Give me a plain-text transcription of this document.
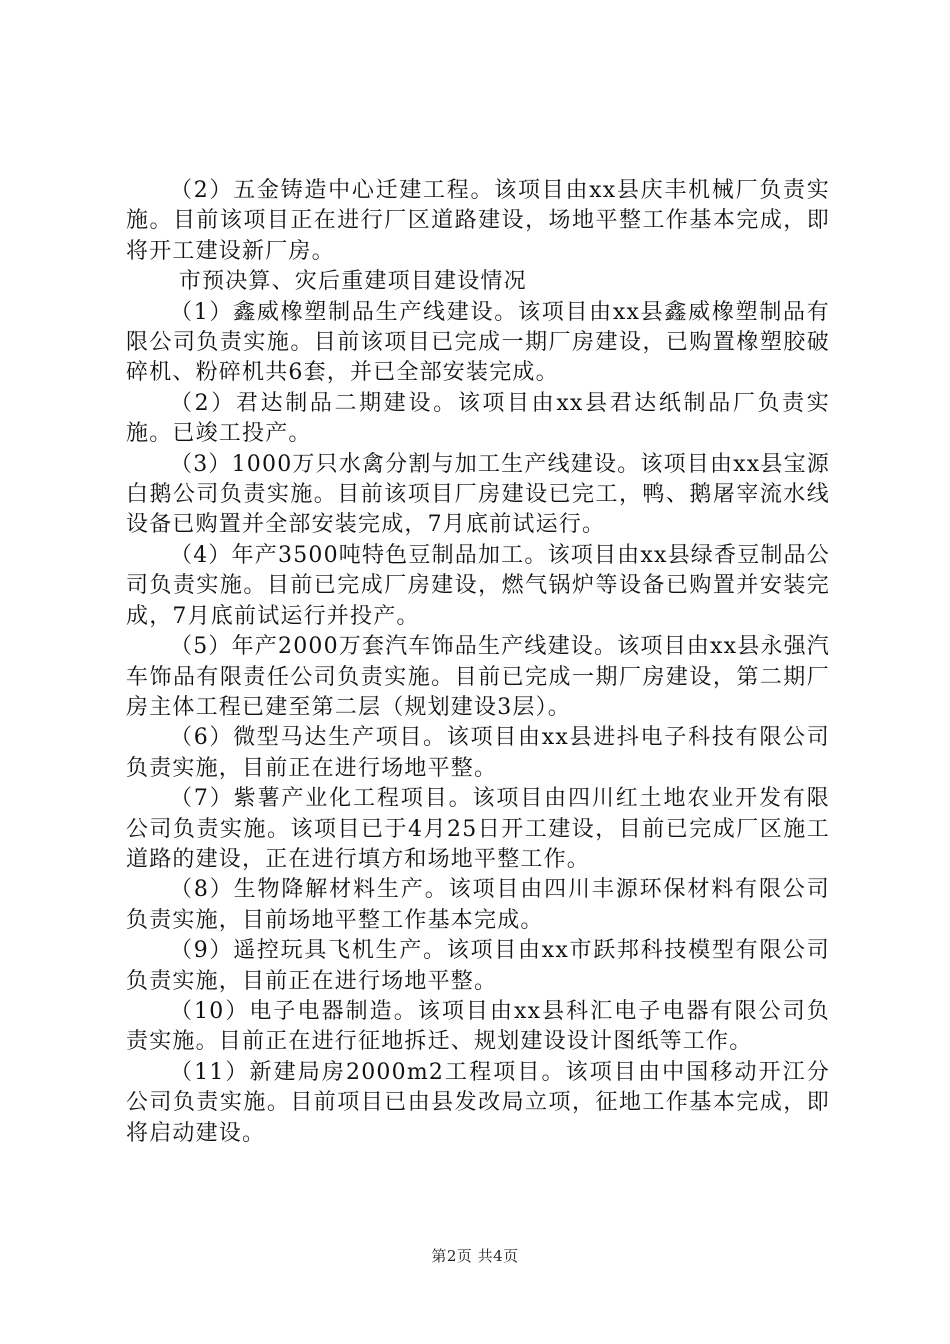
（2）五金铸造中心迁建工程。该项目由xx县庆丰机械厂负责实施。目前该项目正在进行厂区道路建设，场地平整工作基本完成，即将开工建设新厂房。

市预决算、灾后重建项目建设情况

（1）鑫威橡塑制品生产线建设。该项目由xx县鑫威橡塑制品有限公司负责实施。目前该项目已完成一期厂房建设，已购置橡塑胶破碎机、粉碎机共6套，并已全部安装完成。

（2）君达制品二期建设。该项目由xx县君达纸制品厂负责实施。已竣工投产。

（3）1000万只水禽分割与加工生产线建设。该项目由xx县宝源白鹅公司负责实施。目前该项目厂房建设已完工，鸭、鹅屠宰流水线设备已购置并全部安装完成，7月底前试运行。

（4）年产3500吨特色豆制品加工。该项目由xx县绿香豆制品公司负责实施。目前已完成厂房建设，燃气锅炉等设备已购置并安装完成，7月底前试运行并投产。

（5）年产2000万套汽车饰品生产线建设。该项目由xx县永强汽车饰品有限责任公司负责实施。目前已完成一期厂房建设，第二期厂房主体工程已建至第二层（规划建设3层）。

（6）微型马达生产项目。该项目由xx县进抖电子科技有限公司负责实施，目前正在进行场地平整。

（7）紫薯产业化工程项目。该项目由四川红土地农业开发有限公司负责实施。该项目已于4月25日开工建设，目前已完成厂区施工道路的建设，正在进行填方和场地平整工作。

（8）生物降解材料生产。该项目由四川丰源环保材料有限公司负责实施，目前场地平整工作基本完成。

（9）遥控玩具飞机生产。该项目由xx市跃邦科技模型有限公司负责实施，目前正在进行场地平整。

（10）电子电器制造。该项目由xx县科汇电子电器有限公司负责实施。目前正在进行征地拆迁、规划建设设计图纸等工作。

（11）新建局房2000m2工程项目。该项目由中国移动开江分公司负责实施。目前项目已由县发改局立项，征地工作基本完成，即将启动建设。

第2页 共4页
